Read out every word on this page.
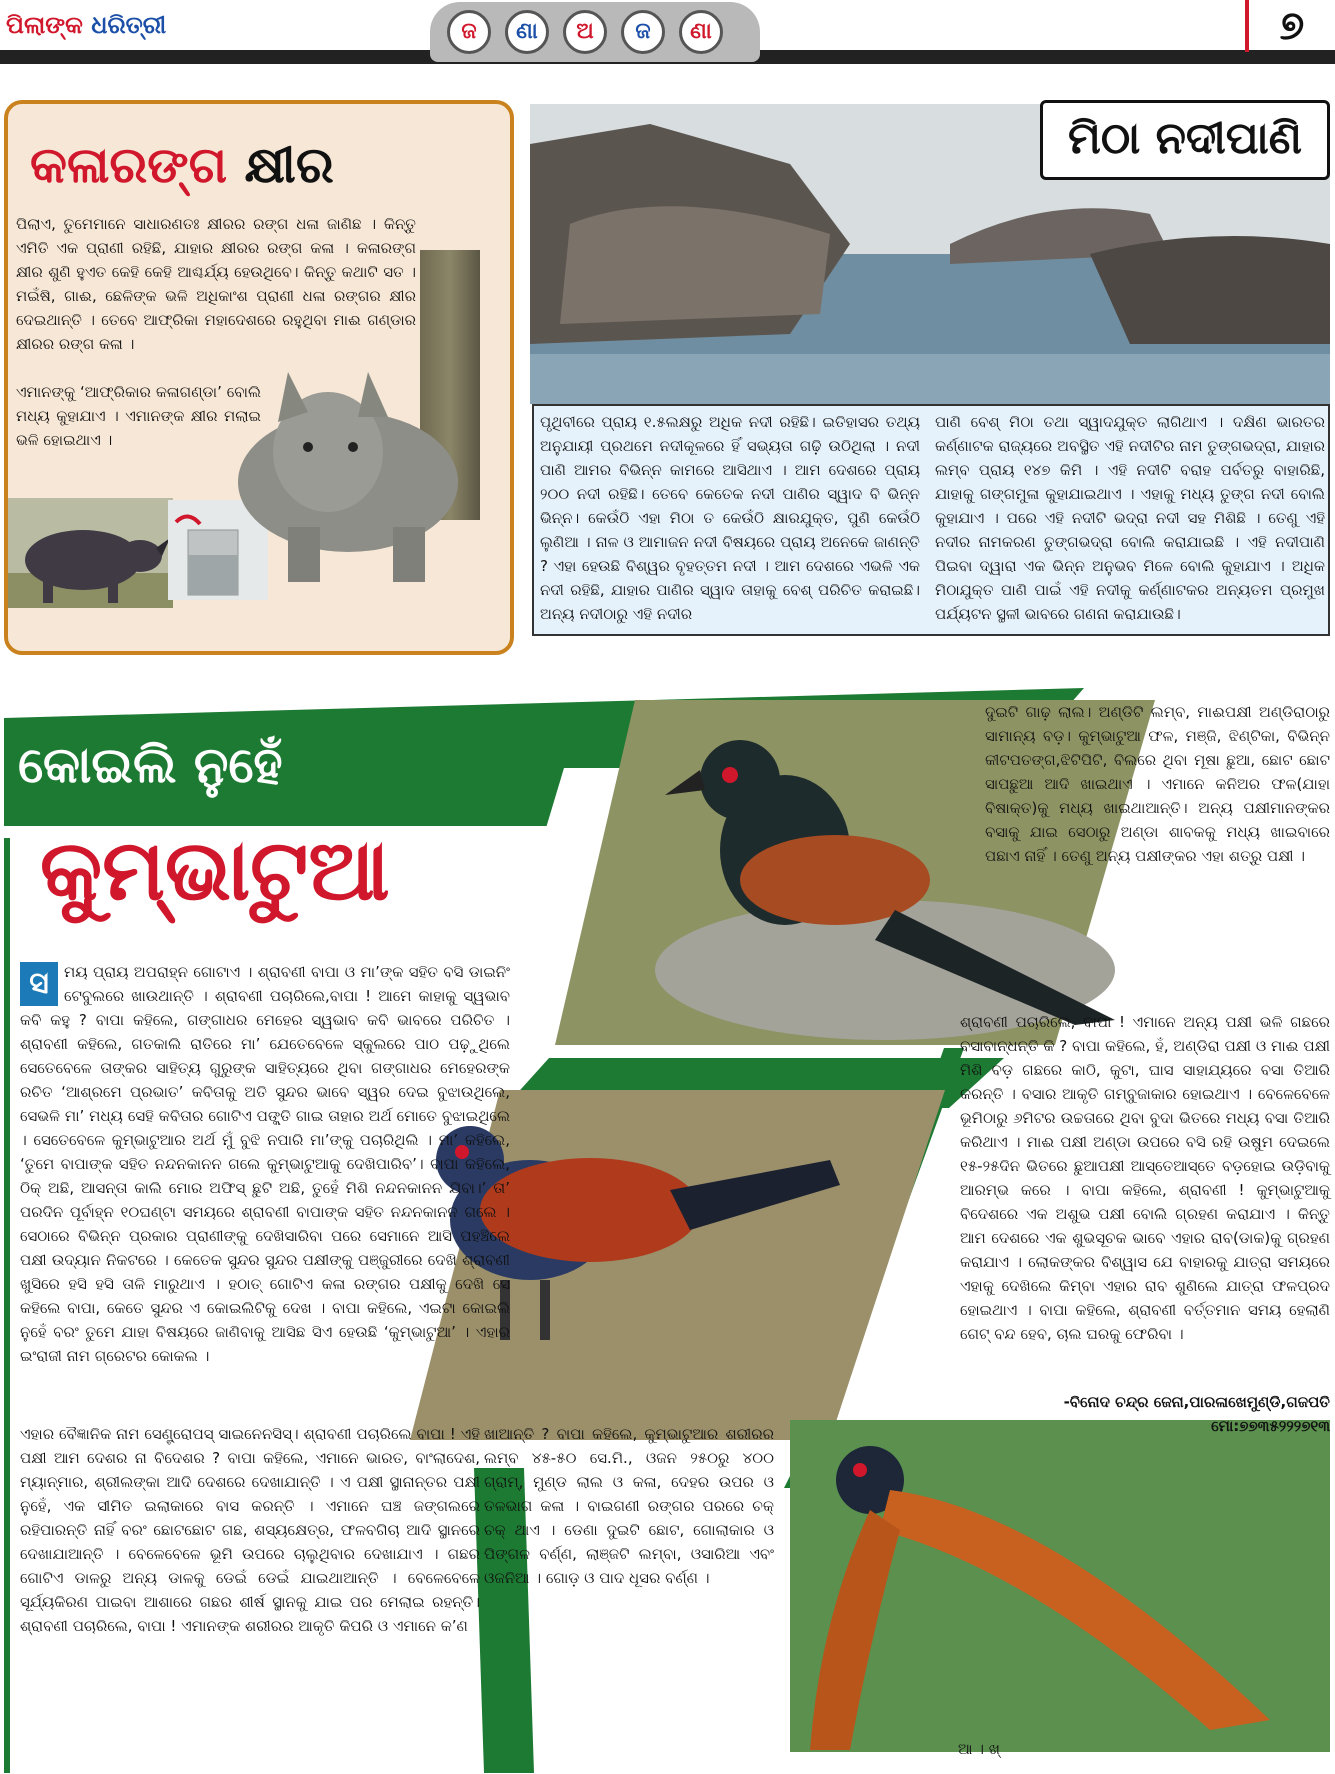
ପିଲାଙ୍କ ଧରିତ୍ରୀ	ଜ	ଣା	ଅ	ଜ	ଣା	୭
କଳାରଙ୍ଗ କ୍ଷୀର

ପିଲାଏ, ତୁମେମାନେ ସାଧାରଣତଃ କ୍ଷୀରର ରଙ୍ଗ ଧଳା ଜାଣିଛ । କିନ୍ତୁ ଏମିତି ଏକ ପ୍ରାଣୀ ରହିଛି, ଯାହାର କ୍ଷୀରର ରଙ୍ଗ କଳା । କଳାରଙ୍ଗ କ୍ଷୀର ଶୁଣି ହୁଏତ କେହି କେହି ଆଶ୍ଚର୍ଯ୍ୟ ହେଉଥିବେ। କିନ୍ତୁ କଥାଟି ସତ । ମଇଁଷି, ଗାଈ, ଛେଳିଙ୍କ ଭଳି ଅଧିକାଂଶ ପ୍ରାଣୀ ଧଳା ରଙ୍ଗର କ୍ଷୀର ଦେଇଥାନ୍ତି । ତେବେ ଆଫ୍ରିକା ମହାଦେଶରେ ରହୁଥିବା ମାଈ ଗଣ୍ଡାର କ୍ଷୀରର ରଙ୍ଗ କଳା ।

ଏମାନଙ୍କୁ ‘ଆଫ୍ରିକାର କଳାଗଣ୍ଡା’ ବୋଲି ମଧ୍ୟ କୁହାଯାଏ । ଏମାନଙ୍କ କ୍ଷୀର ମଲାଇ ଭଳି ହୋଇଥାଏ ।

ମିଠା ନଦୀପାଣି

ପୃଥିବୀରେ ପ୍ରାୟ ୧.୫ଲକ୍ଷରୁ ଅଧିକ ନଦୀ ରହିଛି। ଇତିହାସର ତଥ୍ୟ ଅନୁଯାୟୀ ପ୍ରଥମେ ନଦୀକୂଳରେ ହିଁ ସଭ୍ୟତା ଗଢ଼ି ଉଠିଥିଲା । ନଦୀ ପାଣି ଆମର ବିଭିନ୍ନ କାମରେ ଆସିଥାଏ । ଆମ ଦେଶରେ ପ୍ରାୟ ୨୦୦ ନଦୀ ରହିଛି। ତେବେ କେତେକ ନଦୀ ପାଣିର ସ୍ୱାଦ ବି ଭିନ୍ନ ଭିନ୍ନ। କେଉଁଠି ଏହା ମିଠା ତ କେଉଁଠି କ୍ଷାରଯୁକ୍ତ, ପୁଣି କେଉଁଠି ଲୁଣିଆ । ନାଳ ଓ ଆମାଜନ ନଦୀ ବିଷୟରେ ପ୍ରାୟ ଅନେକେ ଜାଣନ୍ତି ? ଏହା ହେଉଛି ବିଶ୍ୱର ବୃହତ୍ତମ ନଦୀ । ଆମ ଦେଶରେ ଏଭଳି ଏକ ନଦୀ ରହିଛି, ଯାହାର ପାଣିର ସ୍ୱାଦ ତାହାକୁ ବେଶ୍ ପରିଚିତ କରାଇଛି। ଅନ୍ୟ ନଦୀଠାରୁ ଏହି ନଦୀର

ପାଣି ବେଶ୍ ମିଠା ତଥା ସ୍ୱାଦଯୁକ୍ତ ଲାଗିଥାଏ । ଦକ୍ଷିଣ ଭାରତର କର୍ଣ୍ଣାଟକ ରାଜ୍ୟରେ ଅବସ୍ଥିତ ଏହି ନଦୀଟିର ନାମ ତୁଙ୍ଗଭଦ୍ରା, ଯାହାର ଲମ୍ବ ପ୍ରାୟ ୧୪୭ କିମି । ଏହି ନଦୀଟି ବରାହ ପର୍ବତରୁ ବାହାରିଛି, ଯାହାକୁ ଗଙ୍ଗମୁଳା କୁହାଯାଇଥାଏ । ଏହାକୁ ମଧ୍ୟ ତୁଙ୍ଗ ନଦୀ ବୋଲି କୁହାଯାଏ । ପରେ ଏହି ନଦୀଟି ଭଦ୍ରା ନଦୀ ସହ ମିଶିଛି । ତେଣୁ ଏହି ନଦୀର ନାମକରଣ ତୁଙ୍ଗଭଦ୍ରା ବୋଲି କରାଯାଇଛି । ଏହି ନଦୀପାଣି ପିଇବା ଦ୍ୱାରା ଏକ ଭିନ୍ନ ଅନୁଭବ ମିଳେ ବୋଲି କୁହାଯାଏ । ଅଧିକ ମିଠାଯୁକ୍ତ ପାଣି ପାଇଁ ଏହି ନଦୀକୁ କର୍ଣ୍ଣାଟକର ଅନ୍ୟତମ ପ୍ରମୁଖ ପର୍ଯ୍ୟଟନ ସ୍ଥଳୀ ଭାବରେ ଗଣନା କରାଯାଉଛି।

କୋଇଲି ନୁହେଁ
କୁମ୍ଭାଟୁଆ

ସ	ମୟ ପ୍ରାୟ ଅପରାହ୍ନ ଗୋଟାଏ । ଶ୍ରାବଣୀ ବାପା ଓ ମା’ଙ୍କ ସହିତ ବସି ଡାଇନିଂ ଟେବୁଲରେ ଖାଉଥାନ୍ତି । ଶ୍ରାବଣୀ ପଚାରିଲେ,ବାପା ! ଆମେ କାହାକୁ ସ୍ୱଭାବ କବି କହୁ ? ବାପା କହିଲେ, ଗଙ୍ଗାଧର ମେହେର ସ୍ୱଭାବ କବି ଭାବରେ ପରିଚିତ । ଶ୍ରାବଣୀ କହିଲେ, ଗତକାଲି ରାତିରେ ମା’ ଯେତେବେଳେ ସ୍କୁଲରେ ପାଠ ପଢ଼ୁଥିଲେ ସେତେବେଳେ ତାଙ୍କର ସାହିତ୍ୟ ଗୁରୁଙ୍କ ସାହିତ୍ୟରେ ଥିବା ଗଙ୍ଗାଧର ମେହେରଙ୍କ ରଚିତ ‘ଆଶ୍ରମେ ପ୍ରଭାତ’ କବିତାକୁ ଅତି ସୁନ୍ଦର ଭାବେ ସ୍ୱର ଦେଇ ବୁଝାଉଥିଲେ, ସେଭଳି ମା’ ମଧ୍ୟ ସେହି କବିତାର ଗୋଟିଏ ପଙ୍କ୍ତି ଗାଇ ତାହାର ଅର୍ଥ ମୋତେ ବୁଝାଇଥିଲେ । ସେତେବେଳେ କୁମ୍ଭାଟୁଆର ଅର୍ଥ ମୁଁ ବୁଝି ନପାରି ମା’ଙ୍କୁ ପଚାରିଥିଲି । ମା’ କହିଲେ, ‘ତୁମେ ବାପାଙ୍କ ସହିତ ନନ୍ଦନକାନନ ଗଲେ କୁମ୍ଭାଟୁଆକୁ ଦେଖିପାରିବ’। ବାପା କହିଲେ, ଠିକ୍ ଅଛି, ଆସନ୍ତା କାଲି ମୋର ଅଫିସ୍ ଛୁଟି ଅଛି, ତୁହେଁ ମିଶି ନନ୍ଦନକାନନ ଯିବା।’ ତା’ ପରଦିନ ପୂର୍ବାହ୍ନ ୧୦ଘଣ୍ଟା ସମୟରେ ଶ୍ରାବଣୀ ବାପାଙ୍କ ସହିତ ନନ୍ଦନକାନନ ଗଲେ । ସେଠାରେ ବିଭିନ୍ନ ପ୍ରକାର ପ୍ରାଣୀଙ୍କୁ ଦେଖିସାରିବା ପରେ ସେମାନେ ଆସି ପହଞ୍ଚିଲେ ପକ୍ଷୀ ଉଦ୍ୟାନ ନିକଟରେ । କେତେକ ସୁନ୍ଦର ସୁନ୍ଦର ପକ୍ଷୀଙ୍କୁ ପଞ୍ଜୁରୀରେ ଦେଖି ଶ୍ରାବଣୀ ଖୁସିରେ ହସି ହସି ତାଳି ମାରୁଥାଏ । ହଠାତ୍ ଗୋଟିଏ କଳା ରଙ୍ଗର ପକ୍ଷୀକୁ ଦେଖି ସେ କହିଲେ ବାପା, କେତେ ସୁନ୍ଦର ଏ କୋଇଲିଟିକୁ ଦେଖ । ବାପା କହିଲେ, ଏଇଟା କୋଇଲି ନୁହେଁ ବରଂ ତୁମେ ଯାହା ବିଷୟରେ ଜାଣିବାକୁ ଆସିଛ ସିଏ ହେଉଛି ‘କୁମ୍ଭାଟୁଆ’ । ଏହାର ଇଂରାଜୀ ନାମ ଗ୍ରେଟର କୋକଲ ।

ଏହାର ବୈଜ୍ଞାନିକ ନାମ ସେଣ୍ଟ୍ରୋପସ୍ ସାଇନେନସିସ୍। ଶ୍ରାବଣୀ ପଚାରିଲେ ବାପା ! ଏହି ପକ୍ଷୀ ଆମ ଦେଶର ନା ବିଦେଶର ? ବାପା କହିଲେ, ଏମାନେ ଭାରତ, ବାଂଲାଦେଶ, ମ୍ୟାନ୍ମାର, ଶ୍ରୀଲଙ୍କା ଆଦି ଦେଶରେ ଦେଖାଯାନ୍ତି । ଏ ପକ୍ଷୀ ସ୍ଥାନାନ୍ତର ପକ୍ଷୀ ନୁହେଁ, ଏକ ସୀମିତ ଇଲାକାରେ ବାସ କରନ୍ତି । ଏମାନେ ଘଞ୍ଚ ଜଙ୍ଗଲରେ ରହିପାରନ୍ତି ନାହିଁ ବରଂ ଛୋଟଛୋଟ ଗଛ, ଶସ୍ୟକ୍ଷେତ୍ର, ଫଳବଗିଚା ଆଦି ସ୍ଥାନରେ ଦେଖାଯାଆନ୍ତି । ବେଳେବେଳେ ଭୂମି ଉପରେ ଚାଲୁଥିବାର ଦେଖାଯାଏ । ଗଛର ଗୋଟିଏ ଡାଳରୁ ଅନ୍ୟ ଡାଳକୁ ଡେଇଁ ଡେଇଁ ଯାଇଥାଆନ୍ତି । ବେଳେବେଳେ ସୂର୍ଯ୍ୟକିରଣ ପାଇବା ଆଶାରେ ଗଛର ଶୀର୍ଷ ସ୍ଥାନକୁ ଯାଇ ପର ମେଲାଇ ରହନ୍ତି। ଶ୍ରାବଣୀ ପଚାରିଲେ, ବାପା ! ଏମାନଙ୍କ ଶରୀରର ଆକୃତି କିପରି ଓ ଏମାନେ କ’ଣ

ଖାଆନ୍ତି ? ବାପା କହିଲେ, କୁମ୍ଭାଟୁଆର ଶରୀରର ଲମ୍ବ ୪୫-୫୦ ସେ.ମି., ଓଜନ ୨୫୦ରୁ ୪୦୦ ଗ୍ରାମ୍, ମୁଣ୍ଡ ଲାଲ ଓ କଳା, ଦେହର ଉପର ଓ ତଳଭାଗ କଳା । ବାଇଗଣୀ ରଙ୍ଗର ପରରେ ଚକ୍ ଚକ୍ ଥାଏ । ଡେଣା ଦୁଇଟି ଛୋଟ, ଗୋଲାକାର ଓ ପିଙ୍ଗଳ ବର୍ଣ୍ଣ, ଲାଞ୍ଜଟି ଲମ୍ବା, ଓସାରିଆ ଏବଂ ଓଜନିଆ । ଗୋଡ଼ ଓ ପାଦ ଧୂସର ବର୍ଣ୍ଣ ।

ଦୁଇଟି ଗାଢ଼ ଲାଲ। ଅଣ୍ଡିଟି ଲମ୍ବ, ମାଈପକ୍ଷୀ ଅଣ୍ଡିରାଠାରୁ ସାମାନ୍ୟ ବଡ଼। କୁମ୍ଭାଟୁଆ ଫଳ, ମଞ୍ଜି, ଝିଣ୍ଟିକା, ବିଭିନ୍ନ କୀଟପତଙ୍ଗ,ଝିଟିପିଟି, ବିଲରେ ଥିବା ମୂଷା ଛୁଆ, ଛୋଟ ଛୋଟ ସାପଛୁଆ ଆଦି ଖାଇଥାଏ । ଏମାନେ କନିଅର ଫଳ(ଯାହା ବିଷାକ୍ତ)କୁ ମଧ୍ୟ ଖାଇଥାଆନ୍ତି। ଅନ୍ୟ ପକ୍ଷୀମାନଙ୍କର ବସାକୁ ଯାଇ ସେଠାରୁ ଅଣ୍ଡା ଶାବକକୁ ମଧ୍ୟ ଖାଇବାରେ ପଛାଏ ନାହିଁ । ତେଣୁ ଅନ୍ୟ ପକ୍ଷୀଙ୍କର ଏହା ଶତ୍ରୁ ପକ୍ଷୀ ।

ଶ୍ରାବଣୀ ପଚାରିଲେ, ବାପା ! ଏମାନେ ଅନ୍ୟ ପକ୍ଷୀ ଭଳି ଗଛରେ ବସାବାନ୍ଧନ୍ତି କି ? ବାପା କହିଲେ, ହଁ, ଅଣ୍ଡିରା ପକ୍ଷୀ ଓ ମାଈ ପକ୍ଷୀ ମିଶି ବଡ଼ ଗଛରେ କାଠି, କୁଟା, ଘାସ ସାହାଯ୍ୟରେ ବସା ତିଆରି କରନ୍ତି । ବସାର ଆକୃତି ଗମ୍ବୁଜାକାର ହୋଇଥାଏ । ବେଳେବେଳେ ଭୂମିଠାରୁ ୬ମିଟର ଉଚ୍ଚତାରେ ଥିବା ବୁଦା ଭିତରେ ମଧ୍ୟ ବସା ତିଆରି କରିଥାଏ । ମାଈ ପକ୍ଷୀ ଅଣ୍ଡା ଉପରେ ବସି ରହି ଉଷୁମ ଦେଇଲେ ୧୫-୨୫ଦିନ ଭିତରେ ଛୁଆପକ୍ଷୀ ଆସ୍ତେଆସ୍ତେ ବଡ଼ହୋଇ ଉଡ଼ିବାକୁ ଆରମ୍ଭ କରେ । ବାପା କହିଲେ, ଶ୍ରାବଣୀ ! କୁମ୍ଭାଟୁଆକୁ ବିଦେଶରେ ଏକ ଅଶୁଭ ପକ୍ଷୀ ବୋଲି ଗ୍ରହଣ କରାଯାଏ । କିନ୍ତୁ ଆମ ଦେଶରେ ଏକ ଶୁଭସୂଚକ ଭାବେ ଏହାର ରାବ(ଡାକ)କୁ ଗ୍ରହଣ କରାଯାଏ । ଲୋକଙ୍କର ବିଶ୍ୱାସ ଯେ ବାହାରକୁ ଯାତ୍ରା ସମୟରେ ଏହାକୁ ଦେଖିଲେ କିମ୍ବା ଏହାର ରାବ ଶୁଣିଲେ ଯାତ୍ରା ଫଳପ୍ରଦ ହୋଇଥାଏ । ବାପା କହିଲେ, ଶ୍ରାବଣୀ ବର୍ତ୍ତମାନ ସମୟ ହେଲାଣି ଗେଟ୍ ବନ୍ଦ ହେବ, ଚାଲ ଘରକୁ ଫେରିବା ।

-ବିନୋଦ ଚନ୍ଦ୍ର ଜେନା,ପାରଳାଖେମୁଣ୍ଡି,ଗଜପତି
ମୋ:୭୭୩୫୨୨୨୭୧୩
ଆ । ଖ୍
